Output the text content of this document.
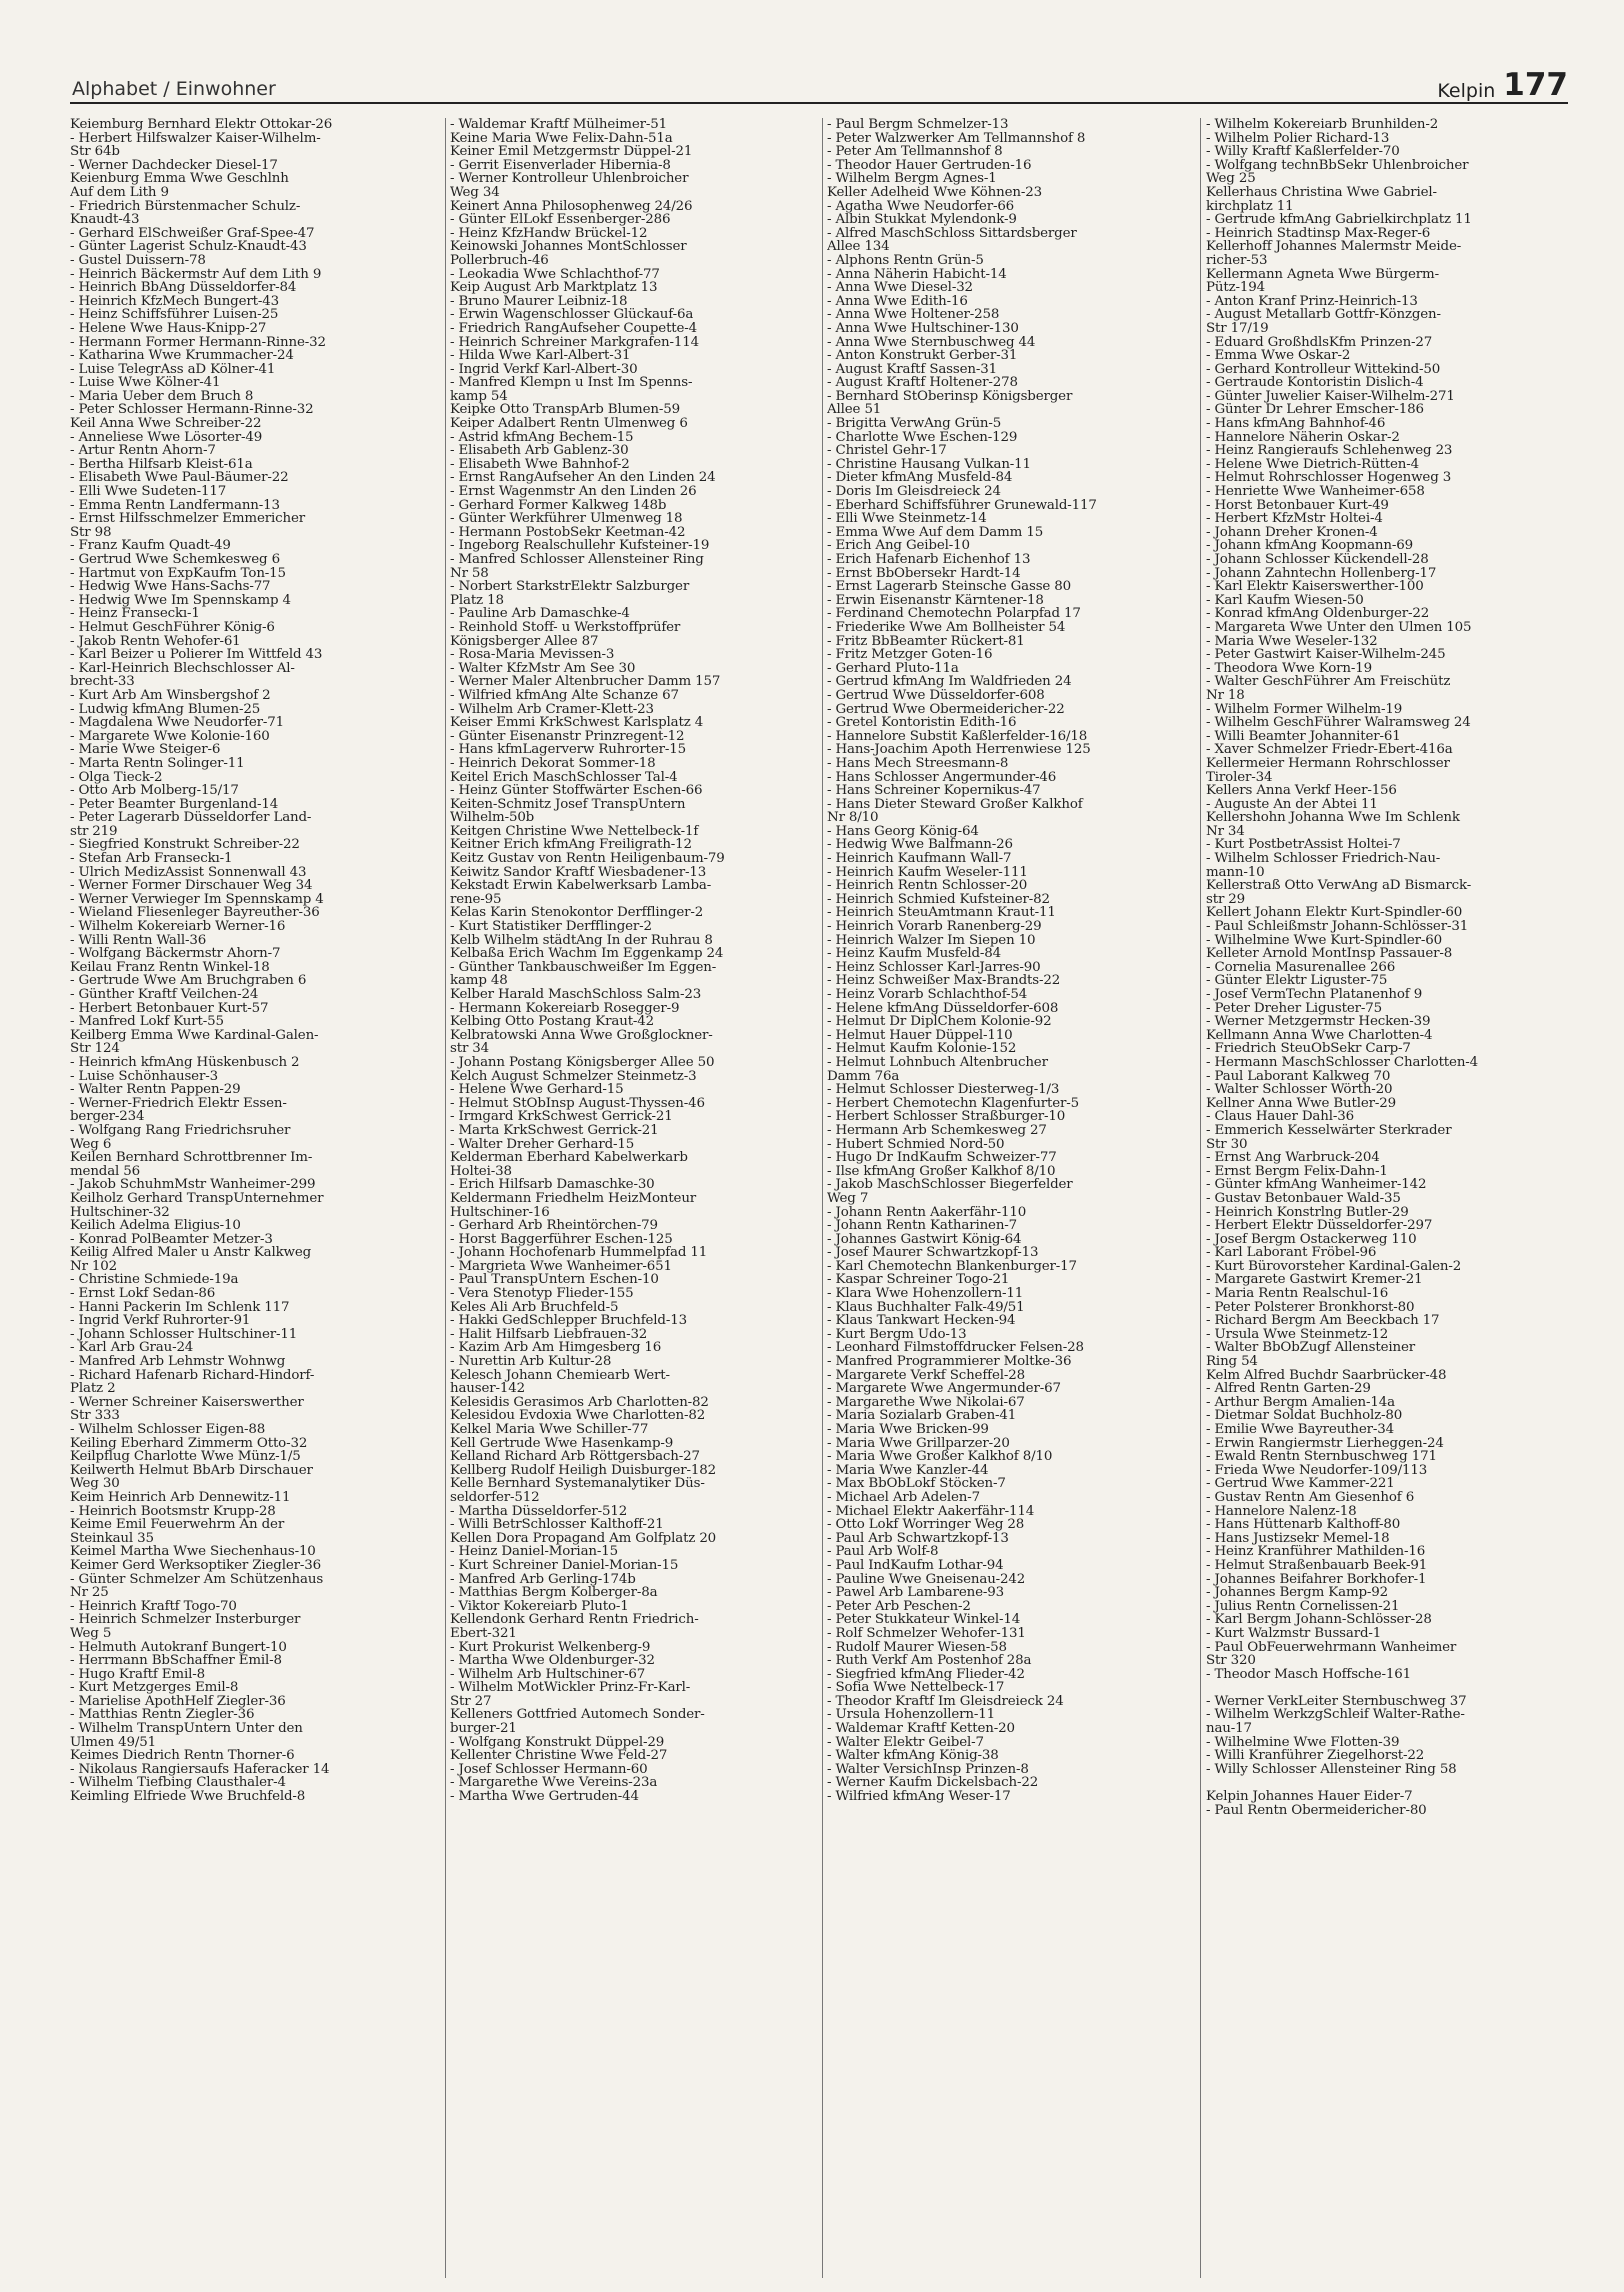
Alphabet / Einwohner	Kelpin 177
Keiemburg Bernhard Elektr Ottokar-26
- Herbert Hilfswalzer Kaiser-Wilhelm-
Str 64b
- Werner Dachdecker Diesel-17
Keienburg Emma Wwe Geschlnh
Auf dem Lith 9
- Friedrich Bürstenmacher Schulz-
Knaudt-43
- Gerhard ElSchweißer Graf-Spee-47
- Günter Lagerist Schulz-Knaudt-43
- Gustel Duissern-78
- Heinrich Bäckermstr Auf dem Lith 9
- Heinrich BbAng Düsseldorfer-84
- Heinrich KfzMech Bungert-43
- Heinz Schiffsführer Luisen-25
- Helene Wwe Haus-Knipp-27
- Hermann Former Hermann-Rinne-32
- Katharina Wwe Krummacher-24
- Luise TelegrAss aD Kölner-41
- Luise Wwe Kölner-41
- Maria Ueber dem Bruch 8
- Peter Schlosser Hermann-Rinne-32
Keil Anna Wwe Schreiber-22
- Anneliese Wwe Lösorter-49
- Artur Rentn Ahorn-7
- Bertha Hilfsarb Kleist-61a
- Elisabeth Wwe Paul-Bäumer-22
- Elli Wwe Sudeten-117
- Emma Rentn Landfermann-13
- Ernst Hilfsschmelzer Emmericher
Str 98
- Franz Kaufm Quadt-49
- Gertrud Wwe Schemkesweg 6
- Hartmut von ExpKaufm Ton-15
- Hedwig Wwe Hans-Sachs-77
- Hedwig Wwe Im Spennskamp 4
- Heinz Franseckı-1
- Helmut GeschFührer König-6
- Jakob Rentn Wehofer-61
- Karl Beizer u Polierer Im Wittfeld 43
- Karl-Heinrich Blechschlosser Al-
brecht-33
- Kurt Arb Am Winsbergshof 2
- Ludwig kfmAng Blumen-25
- Magdalena Wwe Neudorfer-71
- Margarete Wwe Kolonie-160
- Marie Wwe Steiger-6
- Marta Rentn Solinger-11
- Olga Tieck-2
- Otto Arb Molberg-15/17
- Peter Beamter Burgenland-14
- Peter Lagerarb Düsseldorfer Land-
str 219
- Siegfried Konstrukt Schreiber-22
- Stefan Arb Franseckı-1
- Ulrich MedizAssist Sonnenwall 43
- Werner Former Dirschauer Weg 34
- Werner Verwieger Im Spennskamp 4
- Wieland Fliesenleger Bayreuther-36
- Wilhelm Kokereiarb Werner-16
- Willi Rentn Wall-36
- Wolfgang Bäckermstr Ahorn-7
Keilau Franz Rentn Winkel-18
- Gertrude Wwe Am Bruchgraben 6
- Günther Kraftf Veilchen-24
- Herbert Betonbauer Kurt-57
- Manfred Lokf Kurt-55
Keilberg Emma Wwe Kardinal-Galen-
Str 124
- Heinrich kfmAng Hüskenbusch 2
- Luise Schönhauser-3
- Walter Rentn Pappen-29
- Werner-Friedrich Elektr Essen-
berger-234
- Wolfgang Rang Friedrichsruher
Weg 6
Keilen Bernhard Schrottbrenner Im-
mendal 56
- Jakob SchuhmMstr Wanheimer-299
Keilholz Gerhard TranspUnternehmer
Hultschiner-32
Keilich Adelma Eligius-10
- Konrad PolBeamter Metzer-3
Keilig Alfred Maler u Anstr Kalkweg
Nr 102
- Christine Schmiede-19a
- Ernst Lokf Sedan-86
- Hanni Packerin Im Schlenk 117
- Ingrid Verkf Ruhrorter-91
- Johann Schlosser Hultschiner-11
- Karl Arb Grau-24
- Manfred Arb Lehmstr Wohnwg
- Richard Hafenarb Richard-Hindorf-
Platz 2
- Werner Schreiner Kaiserswerther
Str 333
- Wilhelm Schlosser Eigen-88
Keiling Eberhard Zimmerm Otto-32
Keilpflug Charlotte Wwe Münz-1/5
Keilwerth Helmut BbArb Dirschauer
Weg 30
Keim Heinrich Arb Dennewitz-11
- Heinrich Bootsmstr Krupp-28
Keime Emil Feuerwehrm An der
Steinkaul 35
Keimel Martha Wwe Siechenhaus-10
Keimer Gerd Werksoptiker Ziegler-36
- Günter Schmelzer Am Schützenhaus
Nr 25
- Heinrich Kraftf Togo-70
- Heinrich Schmelzer Insterburger
Weg 5
- Helmuth Autokranf Bungert-10
- Herrmann BbSchaffner Emil-8
- Hugo Kraftf Emil-8
- Kurt Metzgerges Emil-8
- Marielise ApothHelf Ziegler-36
- Matthias Rentn Ziegler-36
- Wilhelm TranspUntern Unter den
Ulmen 49/51
Keimes Diedrich Rentn Thorner-6
- Nikolaus Rangiersaufs Haferacker 14
- Wilhelm Tiefbing Clausthaler-4
Keimling Elfriede Wwe Bruchfeld-8
- Waldemar Kraftf Mülheimer-51
Keine Maria Wwe Felix-Dahn-51a
Keiner Emil Metzgermstr Düppel-21
- Gerrit Eisenverlader Hibernia-8
- Werner Kontrolleur Uhlenbroicher
Weg 34
Keinert Anna Philosophenweg 24/26
- Günter ElLokf Essenberger-286
- Heinz KfzHandw Brückel-12
Keinowski Johannes MontSchlosser
Pollerbruch-46
- Leokadia Wwe Schlachthof-77
Keip August Arb Marktplatz 13
- Bruno Maurer Leibniz-18
- Erwin Wagenschlosser Glückauf-6a
- Friedrich RangAufseher Coupette-4
- Heinrich Schreiner Markgrafen-114
- Hilda Wwe Karl-Albert-31
- Ingrid Verkf Karl-Albert-30
- Manfred Klempn u Inst Im Spenns-
kamp 54
Keipke Otto TranspArb Blumen-59
Keiper Adalbert Rentn Ulmenweg 6
- Astrid kfmAng Bechem-15
- Elisabeth Arb Gablenz-30
- Elisabeth Wwe Bahnhof-2
- Ernst RangAufseher An den Linden 24
- Ernst Wagenmstr An den Linden 26
- Gerhard Former Kalkweg 148b
- Günter Werkführer Ulmenweg 18
- Hermann PostobSekr Keetman-42
- Ingeborg Realschullehr Kufsteiner-19
- Manfred Schlosser Allensteiner Ring
Nr 58
- Norbert StarkstrElektr Salzburger
Platz 18
- Pauline Arb Damaschke-4
- Reinhold Stoff- u Werkstoffprüfer
Königsberger Allee 87
- Rosa-Maria Mevissen-3
- Walter KfzMstr Am See 30
- Werner Maler Altenbrucher Damm 157
- Wilfried kfmAng Alte Schanze 67
- Wilhelm Arb Cramer-Klett-23
Keiser Emmi KrkSchwest Karlsplatz 4
- Günter Eisenanstr Prinzregent-12
- Hans kfmLagerverw Ruhrorter-15
- Heinrich Dekorat Sommer-18
Keitel Erich MaschSchlosser Tal-4
- Heinz Günter Stoffwärter Eschen-66
Keiten-Schmitz Josef TranspUntern
Wilhelm-50b
Keitgen Christine Wwe Nettelbeck-1f
Keitner Erich kfmAng Freiligrath-12
Keitz Gustav von Rentn Heiligenbaum-79
Keiwitz Sandor Kraftf Wiesbadener-13
Kekstadt Erwin Kabelwerksarb Lamba-
rene-95
Kelas Karin Stenokontor Derfflinger-2
- Kurt Statistiker Derfflinger-2
Kelb Wilhelm städtAng In der Ruhrau 8
Kelbaßa Erich Wachm Im Eggenkamp 24
- Günther Tankbauschweißer Im Eggen-
kamp 48
Kelber Harald MaschSchloss Salm-23
- Hermann Kokereiarb Rosegger-9
Kelbing Otto Postang Kraut-42
Kelbratowski Anna Wwe Großglockner-
str 34
- Johann Postang Königsberger Allee 50
Kelch August Schmelzer Steinmetz-3
- Helene Wwe Gerhard-15
- Helmut StObInsp August-Thyssen-46
- Irmgard KrkSchwest Gerrick-21
- Marta KrkSchwest Gerrick-21
- Walter Dreher Gerhard-15
Kelderman Eberhard Kabelwerkarb
Holtei-38
- Erich Hilfsarb Damaschke-30
Keldermann Friedhelm HeizMonteur
Hultschiner-16
- Gerhard Arb Rheintörchen-79
- Horst Baggerführer Eschen-125
- Johann Hochofenarb Hummelpfad 11
- Margrieta Wwe Wanheimer-651
- Paul TranspUntern Eschen-10
- Vera Stenotyp Flieder-155
Keles Ali Arb Bruchfeld-5
- Hakki GedSchlepper Bruchfeld-13
- Halit Hilfsarb Liebfrauen-32
- Kazim Arb Am Himgesberg 16
- Nurettin Arb Kultur-28
Kelesch Johann Chemiearb Wert-
hauser-142
Kelesidis Gerasimos Arb Charlotten-82
Kelesidou Evdoxia Wwe Charlotten-82
Kelkel Maria Wwe Schiller-77
Kell Gertrude Wwe Hasenkamp-9
Kelland Richard Arb Röttgersbach-27
Kellberg Rudolf Heiligh Duisburger-182
Kelle Bernhard Systemanalytiker Düs-
seldorfer-512
- Martha Düsseldorfer-512
- Willi BetrSchlosser Kalthoff-21
Kellen Dora Propagand Am Golfplatz 20
- Heinz Daniel-Morian-15
- Kurt Schreiner Daniel-Morian-15
- Manfred Arb Gerling-174b
- Matthias Bergm Kolberger-8a
- Viktor Kokereiarb Pluto-1
Kellendonk Gerhard Rentn Friedrich-
Ebert-321
- Kurt Prokurist Welkenberg-9
- Martha Wwe Oldenburger-32
- Wilhelm Arb Hultschiner-67
- Wilhelm MotWickler Prinz-Fr-Karl-
Str 27
Kelleners Gottfried Automech Sonder-
burger-21
- Wolfgang Konstrukt Düppel-29
Kellenter Christine Wwe Feld-27
- Josef Schlosser Hermann-60
- Margarethe Wwe Vereins-23a
- Martha Wwe Gertruden-44
- Paul Bergm Schmelzer-13
- Peter Walzwerker Am Tellmannshof 8
- Peter Am Tellmannshof 8
- Theodor Hauer Gertruden-16
- Wilhelm Bergm Agnes-1
Keller Adelheid Wwe Köhnen-23
- Agatha Wwe Neudorfer-66
- Albin Stukkat Mylendonk-9
- Alfred MaschSchloss Sittardsberger
Allee 134
- Alphons Rentn Grün-5
- Anna Näherin Habicht-14
- Anna Wwe Diesel-32
- Anna Wwe Edith-16
- Anna Wwe Holtener-258
- Anna Wwe Hultschiner-130
- Anna Wwe Sternbuschweg 44
- Anton Konstrukt Gerber-31
- August Kraftf Sassen-31
- August Kraftf Holtener-278
- Bernhard StOberinsp Königsberger
Allee 51
- Brigitta VerwAng Grün-5
- Charlotte Wwe Eschen-129
- Christel Gehr-17
- Christine Hausang Vulkan-11
- Dieter kfmAng Musfeld-84
- Doris Im Gleisdreieck 24
- Eberhard Schiffsführer Grunewald-117
- Elli Wwe Steinmetz-14
- Emma Wwe Auf dem Damm 15
- Erich Ang Geibel-10
- Erich Hafenarb Eichenhof 13
- Ernst BbObersekr Hardt-14
- Ernst Lagerarb Steinsche Gasse 80
- Erwin Eisenanstr Kärntener-18
- Ferdinand Chemotechn Polarpfad 17
- Friederike Wwe Am Bollheister 54
- Fritz BbBeamter Rückert-81
- Fritz Metzger Goten-16
- Gerhard Pluto-11a
- Gertrud kfmAng Im Waldfrieden 24
- Gertrud Wwe Düsseldorfer-608
- Gertrud Wwe Obermeidericher-22
- Gretel Kontoristin Edith-16
- Hannelore Substit Kaßlerfelder-16/18
- Hans-Joachim Apoth Herrenwiese 125
- Hans Mech Streesmann-8
- Hans Schlosser Angermunder-46
- Hans Schreiner Kopernikus-47
- Hans Dieter Steward Großer Kalkhof
Nr 8/10
- Hans Georg König-64
- Hedwig Wwe Balfmann-26
- Heinrich Kaufmann Wall-7
- Heinrich Kaufm Weseler-111
- Heinrich Rentn Schlosser-20
- Heinrich Schmied Kufsteiner-82
- Heinrich SteuAmtmann Kraut-11
- Heinrich Vorarb Ranenberg-29
- Heinrich Walzer Im Siepen 10
- Heinz Kaufm Musfeld-84
- Heinz Schlosser Karl-Jarres-90
- Heinz Schweißer Max-Brandts-22
- Heinz Vorarb Schlachthof-54
- Helene kfmAng Düsseldorfer-608
- Helmut Dr DiplChem Kolonie-92
- Helmut Hauer Düppel-110
- Helmut Kaufm Kolonie-152
- Helmut Lohnbuch Altenbrucher
Damm 76a
- Helmut Schlosser Diesterweg-1/3
- Herbert Chemotechn Klagenfurter-5
- Herbert Schlosser Straßburger-10
- Hermann Arb Schemkesweg 27
- Hubert Schmied Nord-50
- Hugo Dr IndKaufm Schweizer-77
- Ilse kfmAng Großer Kalkhof 8/10
- Jakob MaschSchlosser Biegerfelder
Weg 7
- Johann Rentn Aakerfähr-110
- Johann Rentn Katharinen-7
- Johannes Gastwirt König-64
- Josef Maurer Schwartzkopf-13
- Karl Chemotechn Blankenburger-17
- Kaspar Schreiner Togo-21
- Klara Wwe Hohenzollern-11
- Klaus Buchhalter Falk-49/51
- Klaus Tankwart Hecken-94
- Kurt Bergm Udo-13
- Leonhard Filmstoffdrucker Felsen-28
- Manfred Programmierer Moltke-36
- Margarete Verkf Scheffel-28
- Margarete Wwe Angermunder-67
- Margarethe Wwe Nikolai-67
- Maria Sozialarb Graben-41
- Maria Wwe Bricken-99
- Maria Wwe Grillparzer-20
- Maria Wwe Großer Kalkhof 8/10
- Maria Wwe Kanzler-44
- Max BbObLokf Stöcken-7
- Michael Arb Adelen-7
- Michael Elektr Aakerfähr-114
- Otto Lokf Worringer Weg 28
- Paul Arb Schwartzkopf-13
- Paul Arb Wolf-8
- Paul IndKaufm Lothar-94
- Pauline Wwe Gneisenau-242
- Pawel Arb Lambarene-93
- Peter Arb Peschen-2
- Peter Stukkateur Winkel-14
- Rolf Schmelzer Wehofer-131
- Rudolf Maurer Wiesen-58
- Ruth Verkf Am Postenhof 28a
- Siegfried kfmAng Flieder-42
- Sofia Wwe Nettelbeck-17
- Theodor Kraftf Im Gleisdreieck 24
- Ursula Hohenzollern-11
- Waldemar Kraftf Ketten-20
- Walter Elektr Geibel-7
- Walter kfmAng König-38
- Walter VersichInsp Prinzen-8
- Werner Kaufm Dickelsbach-22
- Wilfried kfmAng Weser-17
- Wilhelm Kokereiarb Brunhilden-2
- Wilhelm Polier Richard-13
- Willy Kraftf Kaßlerfelder-70
- Wolfgang technBbSekr Uhlenbroicher
Weg 25
Kellerhaus Christina Wwe Gabriel-
kirchplatz 11
- Gertrude kfmAng Gabrielkirchplatz 11
- Heinrich Stadtinsp Max-Reger-6
Kellerhoff Johannes Malermstr Meide-
richer-53
Kellermann Agneta Wwe Bürgerm-
Pütz-194
- Anton Kranf Prinz-Heinrich-13
- August Metallarb Gottfr-Könzgen-
Str 17/19
- Eduard GroßhdlsKfm Prinzen-27
- Emma Wwe Oskar-2
- Gerhard Kontrolleur Wittekind-50
- Gertraude Kontoristin Dislich-4
- Günter Juwelier Kaiser-Wilhelm-271
- Günter Dr Lehrer Emscher-186
- Hans kfmAng Bahnhof-46
- Hannelore Näherin Oskar-2
- Heinz Rangieraufs Schlehenweg 23
- Helene Wwe Dietrich-Rütten-4
- Helmut Rohrschlosser Hogenweg 3
- Henriette Wwe Wanheimer-658
- Horst Betonbauer Kurt-49
- Herbert KfzMstr Holtei-4
- Johann Dreher Kronen-4
- Johann kfmAng Koopmann-69
- Johann Schlosser Kückendell-28
- Johann Zahntechn Hollenberg-17
- Karl Elektr Kaiserswerther-100
- Karl Kaufm Wiesen-50
- Konrad kfmAng Oldenburger-22
- Margareta Wwe Unter den Ulmen 105
- Maria Wwe Weseler-132
- Peter Gastwirt Kaiser-Wilhelm-245
- Theodora Wwe Korn-19
- Walter GeschFührer Am Freischütz
Nr 18
- Wilhelm Former Wilhelm-19
- Wilhelm GeschFührer Walramsweg 24
- Willi Beamter Johanniter-61
- Xaver Schmelzer Friedr-Ebert-416a
Kellermeier Hermann Rohrschlosser
Tiroler-34
Kellers Anna Verkf Heer-156
- Auguste An der Abtei 11
Kellershohn Johanna Wwe Im Schlenk
Nr 34
- Kurt PostbetrAssist Holtei-7
- Wilhelm Schlosser Friedrich-Nau-
mann-10
Kellerstraß Otto VerwAng aD Bismarck-
str 29
Kellert Johann Elektr Kurt-Spindler-60
- Paul Schleißmstr Johann-Schlösser-31
- Wilhelmine Wwe Kurt-Spindler-60
Kelleter Arnold MontInsp Passauer-8
- Cornelia Masurenallee 266
- Günter Elektr Liguster-75
- Josef VermTechn Platanenhof 9
- Peter Dreher Liguster-75
- Werner Metzgermstr Hecken-39
Kellmann Anna Wwe Charlotten-4
- Friedrich SteuObSekr Carp-7
- Hermann MaschSchlosser Charlotten-4
- Paul Laborant Kalkweg 70
- Walter Schlosser Wörth-20
Kellner Anna Wwe Butler-29
- Claus Hauer Dahl-36
- Emmerich Kesselwärter Sterkrader
Str 30
- Ernst Ang Warbruck-204
- Ernst Bergm Felix-Dahn-1
- Günter kfmAng Wanheimer-142
- Gustav Betonbauer Wald-35
- Heinrich Konstrlng Butler-29
- Herbert Elektr Düsseldorfer-297
- Josef Bergm Ostackerweg 110
- Karl Laborant Fröbel-96
- Kurt Bürovorsteher Kardinal-Galen-2
- Margarete Gastwirt Kremer-21
- Maria Rentn Realschul-16
- Peter Polsterer Bronkhorst-80
- Richard Bergm Am Beeckbach 17
- Ursula Wwe Steinmetz-12
- Walter BbObZugf Allensteiner
Ring 54
Kelm Alfred Buchdr Saarbrücker-48
- Alfred Rentn Garten-29
- Arthur Bergm Amalien-14a
- Dietmar Soldat Buchholz-80
- Emilie Wwe Bayreuther-34
- Erwin Rangiermstr Lierheggen-24
- Ewald Rentn Sternbuschweg 171
- Frieda Wwe Neudorfer-109/113
- Gertrud Wwe Kammer-221
- Gustav Rentn Am Giesenhof 6
- Hannelore Nalenz-18
- Hans Hüttenarb Kalthoff-80
- Hans Justizsekr Memel-18
- Heinz Kranführer Mathilden-16
- Helmut Straßenbauarb Beek-91
- Johannes Beifahrer Borkhofer-1
- Johannes Bergm Kamp-92
- Julius Rentn Cornelissen-21
- Karl Bergm Johann-Schlösser-28
- Kurt Walzmstr Bussard-1
- Paul ObFeuerwehrmann Wanheimer
Str 320
- Theodor Masch Hoffsche-161

- Werner VerkLeiter Sternbuschweg 37
- Wilhelm WerkzgSchleif Walter-Rathe-
nau-17
- Wilhelmine Wwe Flotten-39
- Willi Kranführer Ziegelhorst-22
- Willy Schlosser Allensteiner Ring 58

Kelpin Johannes Hauer Eider-7
- Paul Rentn Obermeidericher-80
